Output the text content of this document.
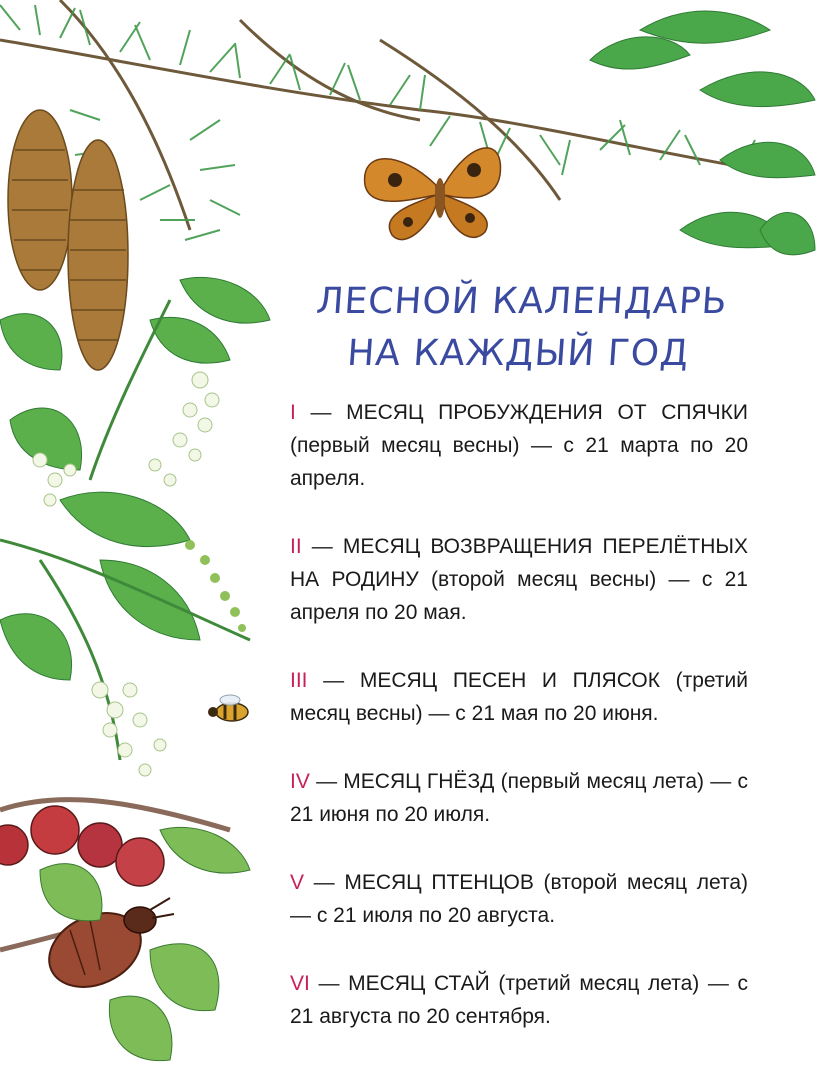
ЛЕСНОЙ КАЛЕНДАРЬ
НА КАЖДЫЙ ГОД

I — МЕСЯЦ ПРОБУЖДЕНИЯ ОТ СПЯЧКИ (первый месяц весны) — с 21 марта по 20 апреля.

II — МЕСЯЦ ВОЗВРАЩЕНИЯ ПЕРЕЛЁТНЫХ НА РОДИНУ (второй месяц весны) — с 21 апреля по 20 мая.

III — МЕСЯЦ ПЕСЕН И ПЛЯСОК (третий месяц весны) — с 21 мая по 20 июня.

IV — МЕСЯЦ ГНЁЗД (первый месяц лета) — с 21 июня по 20 июля.

V — МЕСЯЦ ПТЕНЦОВ (второй месяц лета) — с 21 июля по 20 августа.

VI — МЕСЯЦ СТАЙ (третий месяц лета) — с 21 августа по 20 сентября.
